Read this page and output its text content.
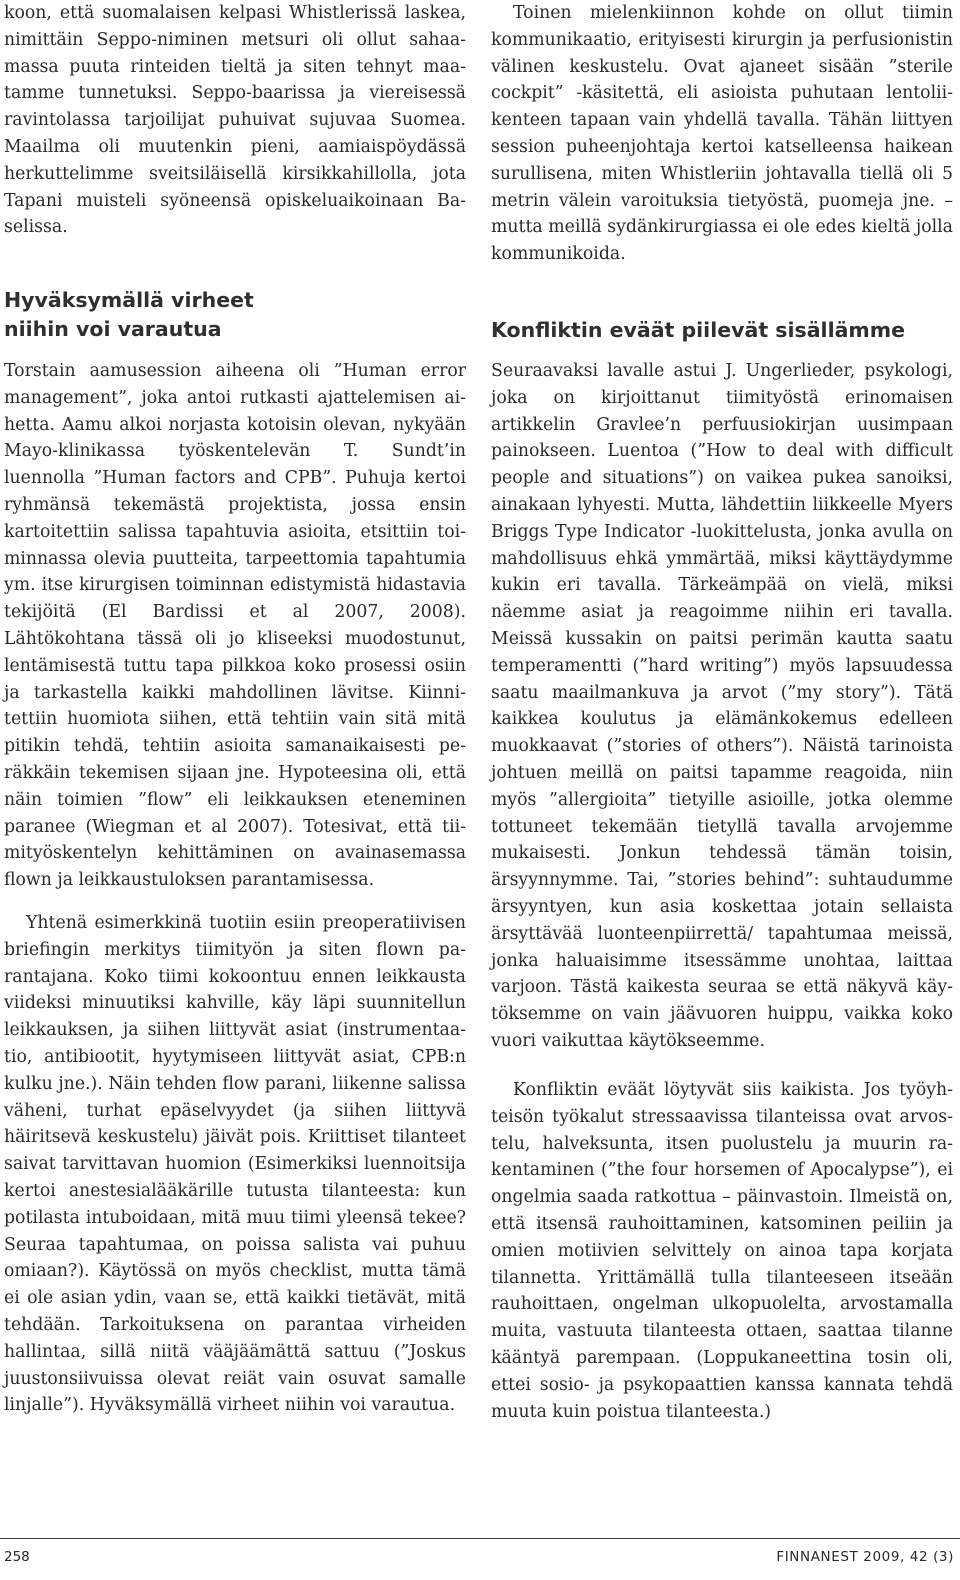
koon, että suomalaisen kelpasi Whistlerissä laskea, nimittäin Seppo-niminen metsuri oli ollut sahaamassa puuta rinteiden tieltä ja siten tehnyt maatamme tunnetuksi. Seppo-baarissa ja viereisessä ravintolassa tarjoilijat puhuivat sujuvaa Suomea. Maailma oli muutenkin pieni, aamiaispöydässä herkuttelimme sveitsiläisellä kirsikkahillolla, jota Tapani muisteli syöneensä opiskeluaikoinaan Baselissa.

Hyväksymällä virheet
niihin voi varautua

Torstain aamusession aiheena oli ”Human error management”, joka antoi rutkasti ajattelemisen aihetta. Aamu alkoi norjasta kotoisin olevan, nykyään Mayo-klinikassa työskentelevän T. Sundt’in luennolla ”Human factors and CPB”. Puhuja kertoi ryhmänsä tekemästä projektista, jossa ensin kartoitettiin salissa tapahtuvia asioita, etsittiin toiminnassa olevia puutteita, tarpeettomia tapahtumia ym. itse kirurgisen toiminnan edistymistä hidastavia tekijöitä (El Bardissi et al 2007, 2008). Lähtökohtana tässä oli jo kliseeksi muodostunut, lentämisestä tuttu tapa pilkkoa koko prosessi osiin ja tarkastella kaikki mahdollinen lävitse. Kiinnitettiin huomiota siihen, että tehtiin vain sitä mitä pitikin tehdä, tehtiin asioita samanaikaisesti peräkkäin tekemisen sijaan jne. Hypoteesina oli, että näin toimien ”flow” eli leikkauksen eteneminen paranee (Wiegman et al 2007). Totesivat, että tiimityöskentelyn kehittäminen on avainasemassa flown ja leikkaustuloksen parantamisessa.

Yhtenä esimerkkinä tuotiin esiin preoperatiivisen briefingin merkitys tiimityön ja siten flown parantajana. Koko tiimi kokoontuu ennen leikkausta viideksi minuutiksi kahville, käy läpi suunnitellun leikkauksen, ja siihen liittyvät asiat (instrumentaatio, antibiootit, hyytymiseen liittyvät asiat, CPB:n kulku jne.). Näin tehden flow parani, liikenne salissa väheni, turhat epäselvyydet (ja siihen liittyvä häiritsevä keskustelu) jäivät pois. Kriittiset tilanteet saivat tarvittavan huomion (Esimerkiksi luennoitsija kertoi anestesialääkärille tutusta tilanteesta: kun potilasta intuboidaan, mitä muu tiimi yleensä tekee? Seuraa tapahtumaa, on poissa salista vai puhuu omiaan?). Käytössä on myös checklist, mutta tämä ei ole asian ydin, vaan se, että kaikki tietävät, mitä tehdään. Tarkoituksena on parantaa virheiden hallintaa, sillä niitä vääjäämättä sattuu (”Joskus juustonsiivuissa olevat reiät vain osuvat samalle linjalle”). Hyväksymällä virheet niihin voi varautua.

Toinen mielenkiinnon kohde on ollut tiimin kommunikaatio, erityisesti kirurgin ja perfusionistin välinen keskustelu. Ovat ajaneet sisään ”sterile cockpit” -käsitettä, eli asioista puhutaan lentoliikenteen tapaan vain yhdellä tavalla. Tähän liittyen session puheenjohtaja kertoi katselleensa haikean surullisena, miten Whistleriin johtavalla tiellä oli 5 metrin välein varoituksia tietyöstä, puomeja jne. – mutta meillä sydänkirurgiassa ei ole edes kieltä jolla kommunikoida.

Konfliktin eväät piilevät sisällämme

Seuraavaksi lavalle astui J. Ungerlieder, psykologi, joka on kirjoittanut tiimityöstä erinomaisen artikkelin Gravlee’n perfuusiokirjan uusimpaan painokseen. Luentoa (”How to deal with difficult people and situations”) on vaikea pukea sanoiksi, ainakaan lyhyesti. Mutta, lähdettiin liikkeelle Myers Briggs Type Indicator -luokittelusta, jonka avulla on mahdollisuus ehkä ymmärtää, miksi käyttäydymme kukin eri tavalla. Tärkeämpää on vielä, miksi näemme asiat ja reagoimme niihin eri tavalla. Meissä kussakin on paitsi perimän kautta saatu temperamentti (”hard writing”) myös lapsuudessa saatu maailmankuva ja arvot (”my story”). Tätä kaikkea koulutus ja elämänkokemus edelleen muokkaavat (”stories of others”). Näistä tarinoista johtuen meillä on paitsi tapamme reagoida, niin myös ”allergioita” tietyille asioille, jotka olemme tottuneet tekemään tietyllä tavalla arvojemme mukaisesti. Jonkun tehdessä tämän toisin, ärsyynnymme. Tai, ”stories behind”: suhtaudumme ärsyyntyen, kun asia koskettaa jotain sellaista ärsyttävää luonteenpiirrettä/ tapahtumaa meissä, jonka haluaisimme itsessämme unohtaa, laittaa varjoon. Tästä kaikesta seuraa se että näkyvä käytöksemme on vain jäävuoren huippu, vaikka koko vuori vaikuttaa käytökseemme.

Konfliktin eväät löytyvät siis kaikista. Jos työyhteisön työkalut stressaavissa tilanteissa ovat arvostelu, halveksunta, itsen puolustelu ja muurin rakentaminen (”the four horsemen of Apocalypse”), ei ongelmia saada ratkottua – päinvastoin. Ilmeistä on, että itsensä rauhoittaminen, katsominen peiliin ja omien motiivien selvittely on ainoa tapa korjata tilannetta. Yrittämällä tulla tilanteeseen itseään rauhoittaen, ongelman ulkopuolelta, arvostamalla muita, vastuuta tilanteesta ottaen, saattaa tilanne kääntyä parempaan. (Loppukaneettina tosin oli, ettei sosio- ja psykopaattien kanssa kannata tehdä muuta kuin poistua tilanteesta.)

258	FINNANEST 2009, 42 (3)
